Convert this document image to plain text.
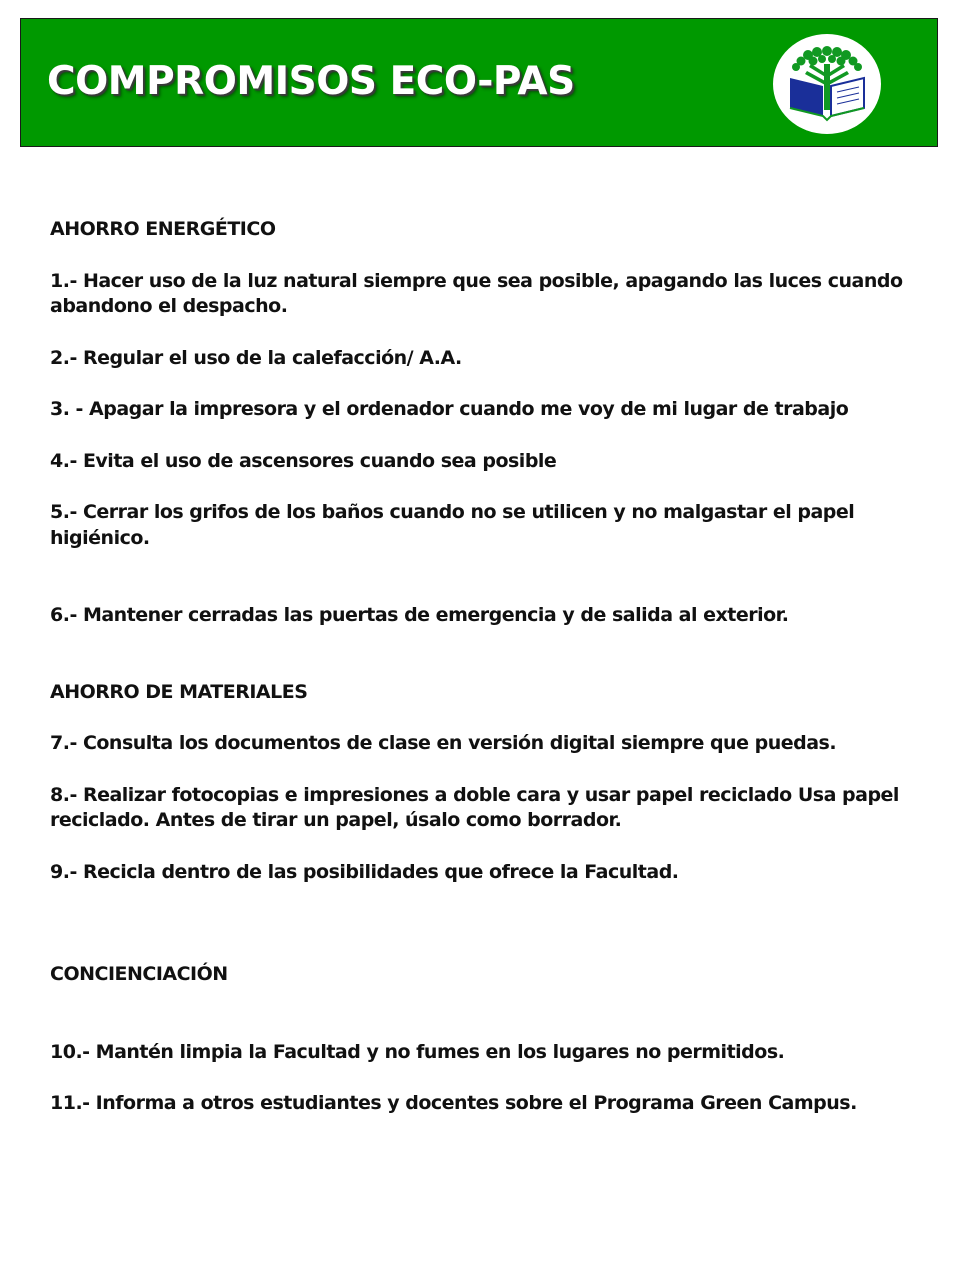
COMPROMISOS ECO-PAS

AHORRO ENERGÉTICO

1.- Hacer uso de la luz natural siempre que sea posible, apagando las luces cuando abandono el despacho.

2.- Regular el uso de la calefacción/ A.A.

3. - Apagar la impresora y el ordenador cuando me voy de mi lugar de trabajo

4.- Evita el uso de ascensores cuando sea posible

5.- Cerrar los grifos de los baños cuando no se utilicen y no malgastar el papel higiénico.

6.- Mantener cerradas las puertas de emergencia y de salida al exterior.

AHORRO DE MATERIALES

7.- Consulta los documentos de clase en versión digital siempre que puedas.

8.- Realizar fotocopias e impresiones a doble cara y usar papel reciclado Usa papel reciclado. Antes de tirar un papel, úsalo como borrador.

9.- Recicla dentro de las posibilidades que ofrece la Facultad.

CONCIENCIACIÓN

10.- Mantén limpia la Facultad y no fumes en los lugares no permitidos.

11.- Informa a otros estudiantes y docentes sobre el Programa Green Campus.
